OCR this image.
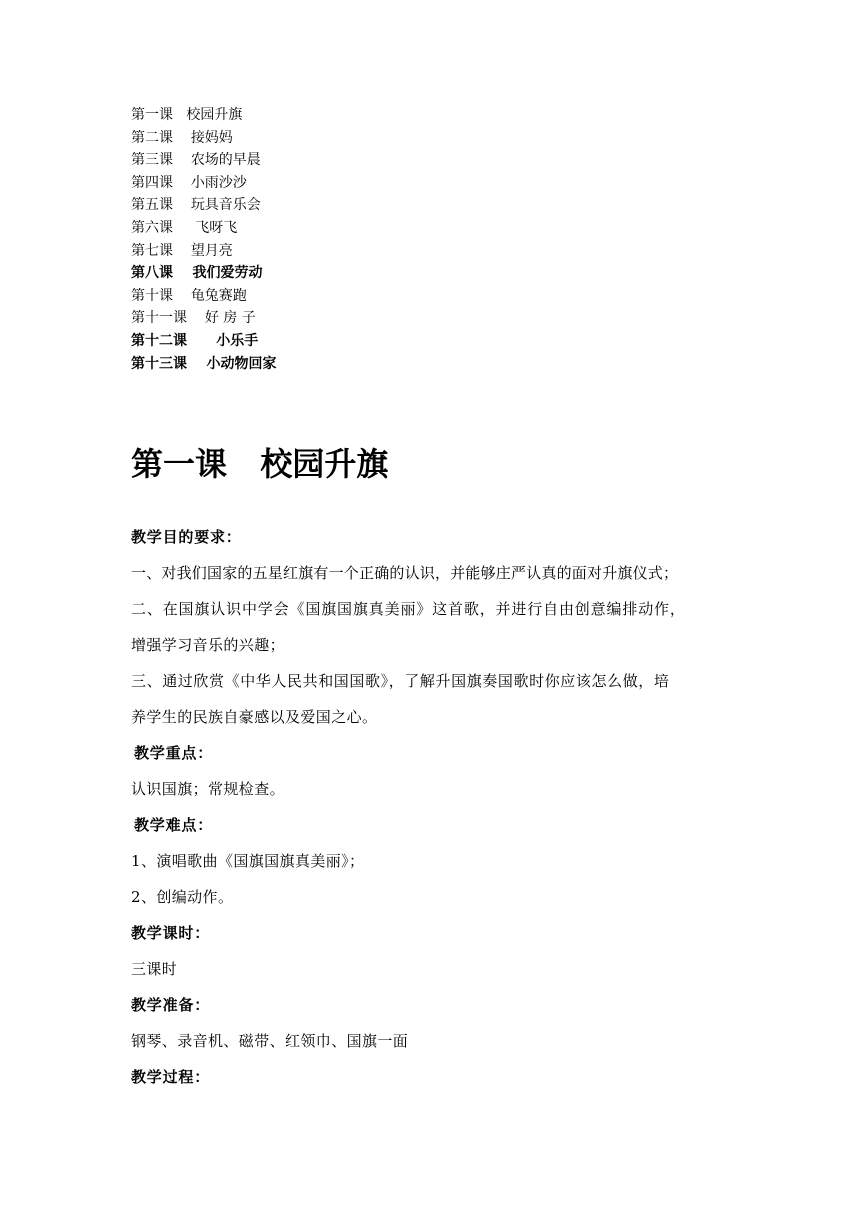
第一课
校园升旗
第二课
接妈妈
第三课
农场的早晨
第四课
小雨沙沙
第五课
玩具音乐会
第六课
飞呀飞
第七课
望月亮
第八课
我们爱劳动
第十课
龟兔赛跑
第十一课
好 房 子
第十二课
小乐手
第十三课
小动物回家
第一课   校园升旗
教学目的要求：
一、对我们国家的五星红旗有一个正确的认识，并能够庄严认真的面对升旗仪式；
二、在国旗认识中学会《国旗国旗真美丽》这首歌，并进行自由创意编排动作，
增强学习音乐的兴趣；
三、通过欣赏《中华人民共和国国歌》，了解升国旗奏国歌时你应该怎么做，培
养学生的民族自豪感以及爱国之心。
教学重点：
认识国旗；常规检查。
教学难点：
1、演唱歌曲《国旗国旗真美丽》；
2、创编动作。
教学课时：
三课时
教学准备：
钢琴、录音机、磁带、红领巾、国旗一面
教学过程：
